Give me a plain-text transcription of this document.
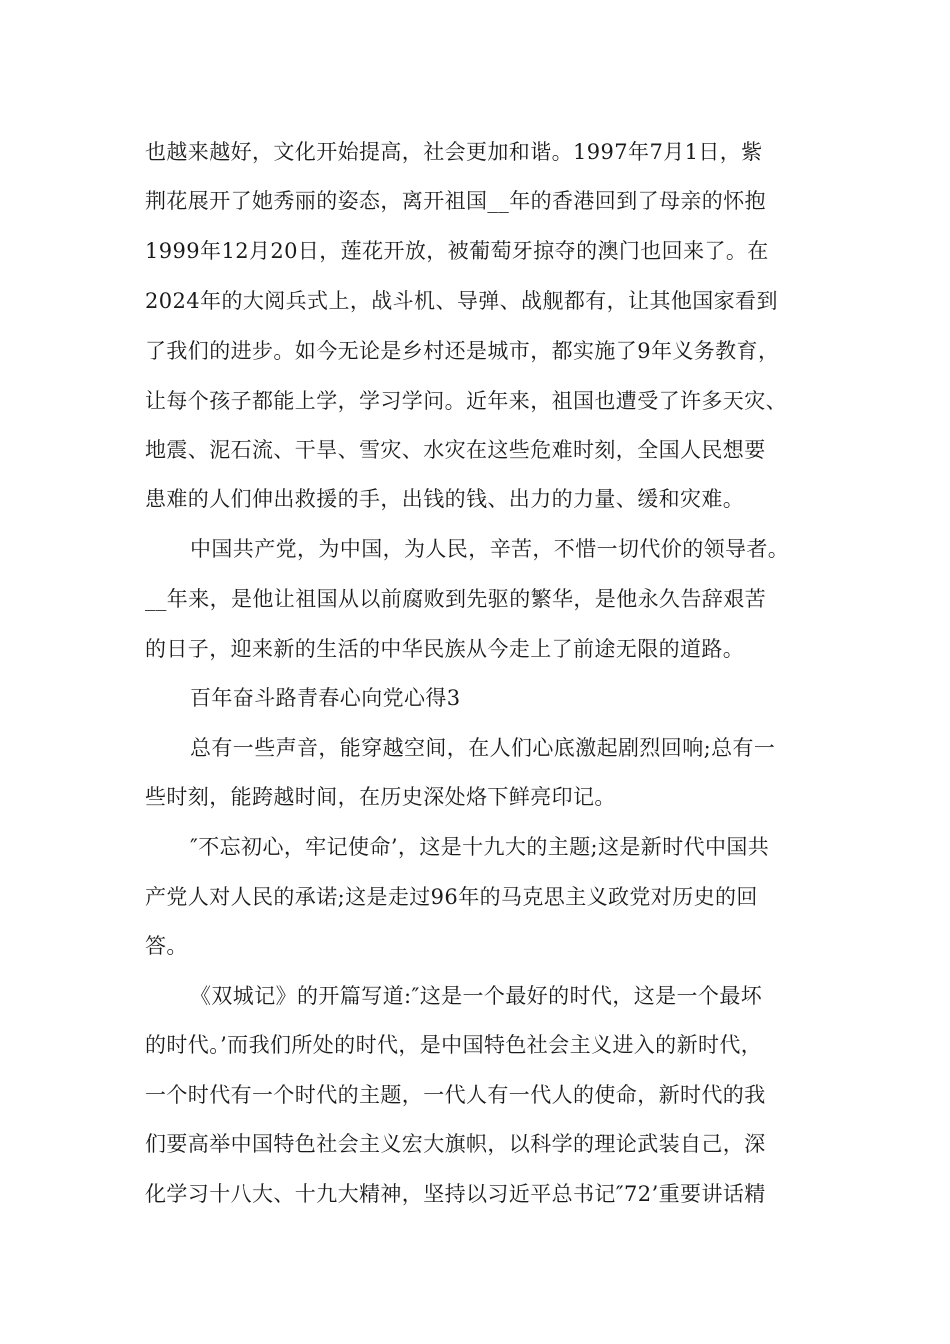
也越来越好，文化开始提高，社会更加和谐。1997年7月1日，紫
荆花展开了她秀丽的姿态，离开祖国__年的香港回到了母亲的怀抱
1999年12月20日，莲花开放，被葡萄牙掠夺的澳门也回来了。在
2024年的大阅兵式上，战斗机、导弹、战舰都有，让其他国家看到
了我们的进步。如今无论是乡村还是城市，都实施了9年义务教育，
让每个孩子都能上学，学习学问。近年来，祖国也遭受了许多天灾、
地震、泥石流、干旱、雪灾、水灾在这些危难时刻，全国人民想要
患难的人们伸出救援的手，出钱的钱、出力的力量、缓和灾难。
中国共产党，为中国，为人民，辛苦，不惜一切代价的领导者。
__年来，是他让祖国从以前腐败到先驱的繁华，是他永久告辞艰苦
的日子，迎来新的生活的中华民族从今走上了前途无限的道路。
百年奋斗路青春心向党心得3
总有一些声音，能穿越空间，在人们心底激起剧烈回响;总有一
些时刻，能跨越时间，在历史深处烙下鲜亮印记。
″不忘初心，牢记使命’，这是十九大的主题;这是新时代中国共
产党人对人民的承诺;这是走过96年的马克思主义政党对历史的回
答。
《双城记》的开篇写道:″这是一个最好的时代，这是一个最坏
的时代。’而我们所处的时代，是中国特色社会主义进入的新时代，
一个时代有一个时代的主题，一代人有一代人的使命，新时代的我
们要高举中国特色社会主义宏大旗帜，以科学的理论武装自己，深
化学习十八大、十九大精神，坚持以习近平总书记″72’重要讲话精
